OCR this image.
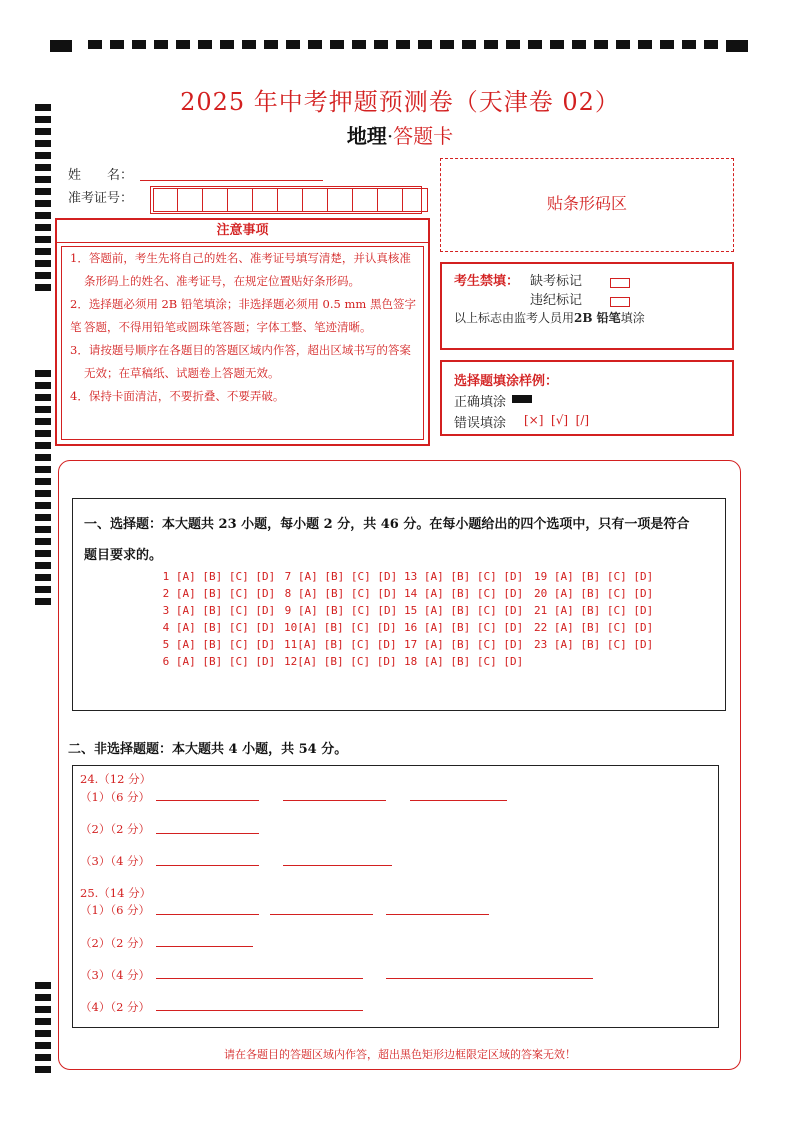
2025 年中考押题预测卷（天津卷 02）
地理·答题卡
姓　　名：
准考证号：
注意事项

1．答题前，考生先将自己的姓名、准考证号填写清楚，并认真核准

条形码上的姓名、准考证号，在规定位置贴好条形码。

2．选择题必须用 2B 铅笔填涂；非选择题必须用 0.5 mm 黑色签字笔 答题，不得用铅笔或圆珠笔答题；字体工整、笔迹清晰。

3．请按题号顺序在各题目的答题区域内作答，超出区域书写的答案

无效；在草稿纸、试题卷上答题无效。

4．保持卡面清洁，不要折叠、不要弄破。

贴条形码区
考生禁填： 缺考标记
违纪标记
以上标志由监考人员用2B 铅笔填涂
选择题填涂样例：
正确填涂
错误填涂 [×]  [√]  [/]
一、选择题：本大题共 23 小题，每小题 2 分，共 46 分。在每小题给出的四个选项中，只有一项是符合
题目要求的。
1 [A] [B] [C] [D]
2 [A] [B] [C] [D]
3 [A] [B] [C] [D]
4 [A] [B] [C] [D]
5 [A] [B] [C] [D]
6 [A] [B] [C] [D]
7 [A] [B] [C] [D]
8 [A] [B] [C] [D]
9 [A] [B] [C] [D]
10[A] [B] [C] [D]
11[A] [B] [C] [D]
12[A] [B] [C] [D]
13 [A] [B] [C] [D]
14 [A] [B] [C] [D]
15 [A] [B] [C] [D]
16 [A] [B] [C] [D]
17 [A] [B] [C] [D]
18 [A] [B] [C] [D]
19 [A] [B] [C] [D]
20 [A] [B] [C] [D]
21 [A] [B] [C] [D]
22 [A] [B] [C] [D]
23 [A] [B] [C] [D]
二、非选择题题：本大题共 4 小题，共 54 分。
24.（12 分）
（1）（6 分）
（2）（2 分）
（3）（4 分）
25.（14 分）
（1）（6 分）
（2）（2 分）
（3）（4 分）
（4）（2 分）
请在各题目的答题区域内作答，超出黑色矩形边框限定区域的答案无效！
